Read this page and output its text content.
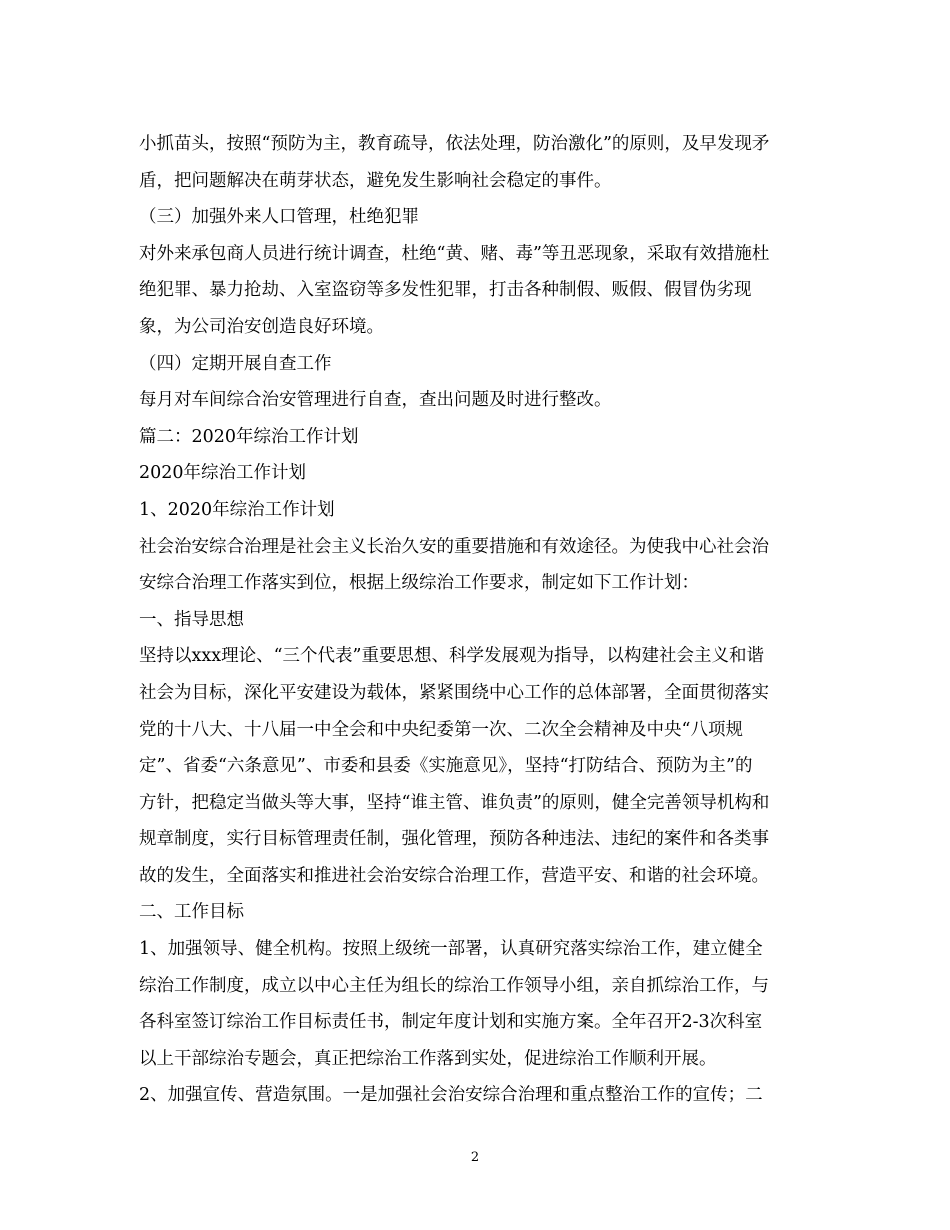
小抓苗头，按照“预防为主，教育疏导，依法处理，防治激化”的原则，及早发现矛
盾，把问题解决在萌芽状态，避免发生影响社会稳定的事件。
（三）加强外来人口管理，杜绝犯罪
对外来承包商人员进行统计调查，杜绝“黄、赌、毒”等丑恶现象，采取有效措施杜
绝犯罪、暴力抢劫、入室盗窃等多发性犯罪，打击各种制假、贩假、假冒伪劣现
象，为公司治安创造良好环境。
（四）定期开展自查工作
每月对车间综合治安管理进行自查，查出问题及时进行整改。
篇二：2020年综治工作计划
2020年综治工作计划
1、2020年综治工作计划
社会治安综合治理是社会主义长治久安的重要措施和有效途径。为使我中心社会治
安综合治理工作落实到位，根据上级综治工作要求，制定如下工作计划：
一、指导思想
坚持以xxx理论、“三个代表”重要思想、科学发展观为指导，以构建社会主义和谐
社会为目标，深化平安建设为载体，紧紧围绕中心工作的总体部署，全面贯彻落实
党的十八大、十八届一中全会和中央纪委第一次、二次全会精神及中央“八项规
定”、省委“六条意见”、市委和县委《实施意见》，坚持“打防结合、预防为主”的
方针，把稳定当做头等大事，坚持“谁主管、谁负责”的原则，健全完善领导机构和
规章制度，实行目标管理责任制，强化管理，预防各种违法、违纪的案件和各类事
故的发生，全面落实和推进社会治安综合治理工作，营造平安、和谐的社会环境。
二、工作目标
1、加强领导、健全机构。按照上级统一部署，认真研究落实综治工作，建立健全
综治工作制度，成立以中心主任为组长的综治工作领导小组，亲自抓综治工作，与
各科室签订综治工作目标责任书，制定年度计划和实施方案。全年召开2-3次科室
以上干部综治专题会，真正把综治工作落到实处，促进综治工作顺利开展。
2、加强宣传、营造氛围。一是加强社会治安综合治理和重点整治工作的宣传；二
2
